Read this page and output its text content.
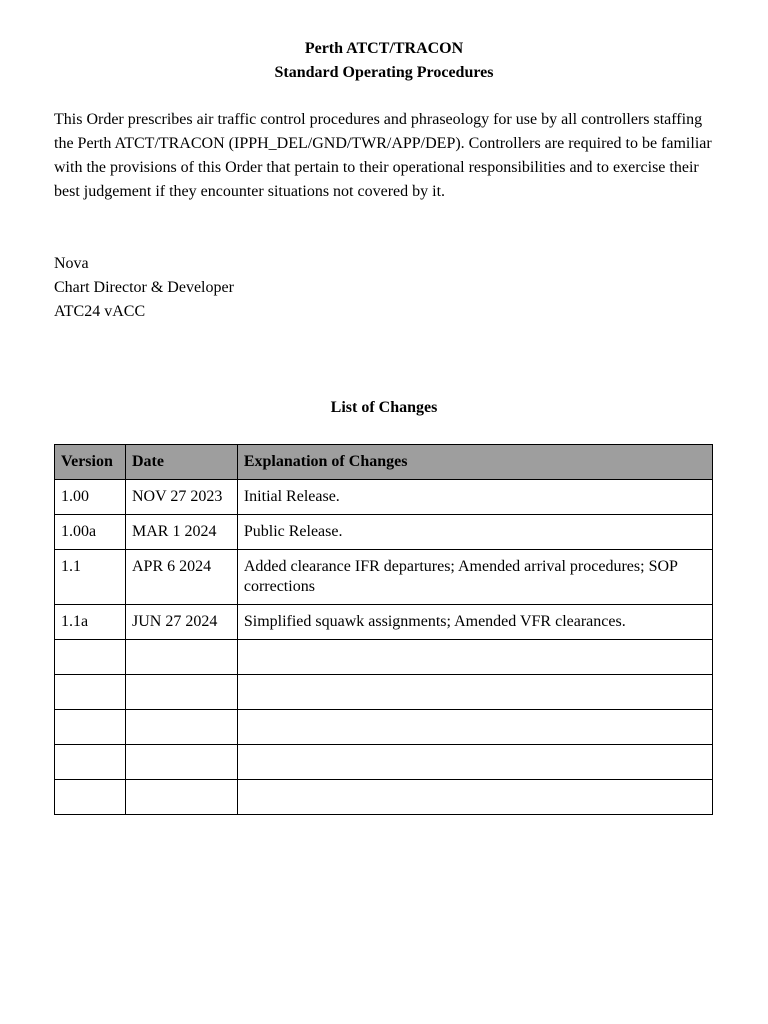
Perth ATCT/TRACON
Standard Operating Procedures

This Order prescribes air traffic control procedures and phraseology for use by all controllers staffing the Perth ATCT/TRACON (IPPH_DEL/GND/TWR/APP/DEP). Controllers are required to be familiar with the provisions of this Order that pertain to their operational responsibilities and to exercise their best judgement if they encounter situations not covered by it.

Nova
Chart Director & Developer
ATC24 vACC
List of Changes
Version	Date	Explanation of Changes
1.00	NOV 27 2023	Initial Release.
1.00a	MAR 1 2024	Public Release.
1.1	APR 6 2024	Added clearance IFR departures; Amended arrival procedures; SOP corrections
1.1a	JUN 27 2024	Simplified squawk assignments; Amended VFR clearances.
